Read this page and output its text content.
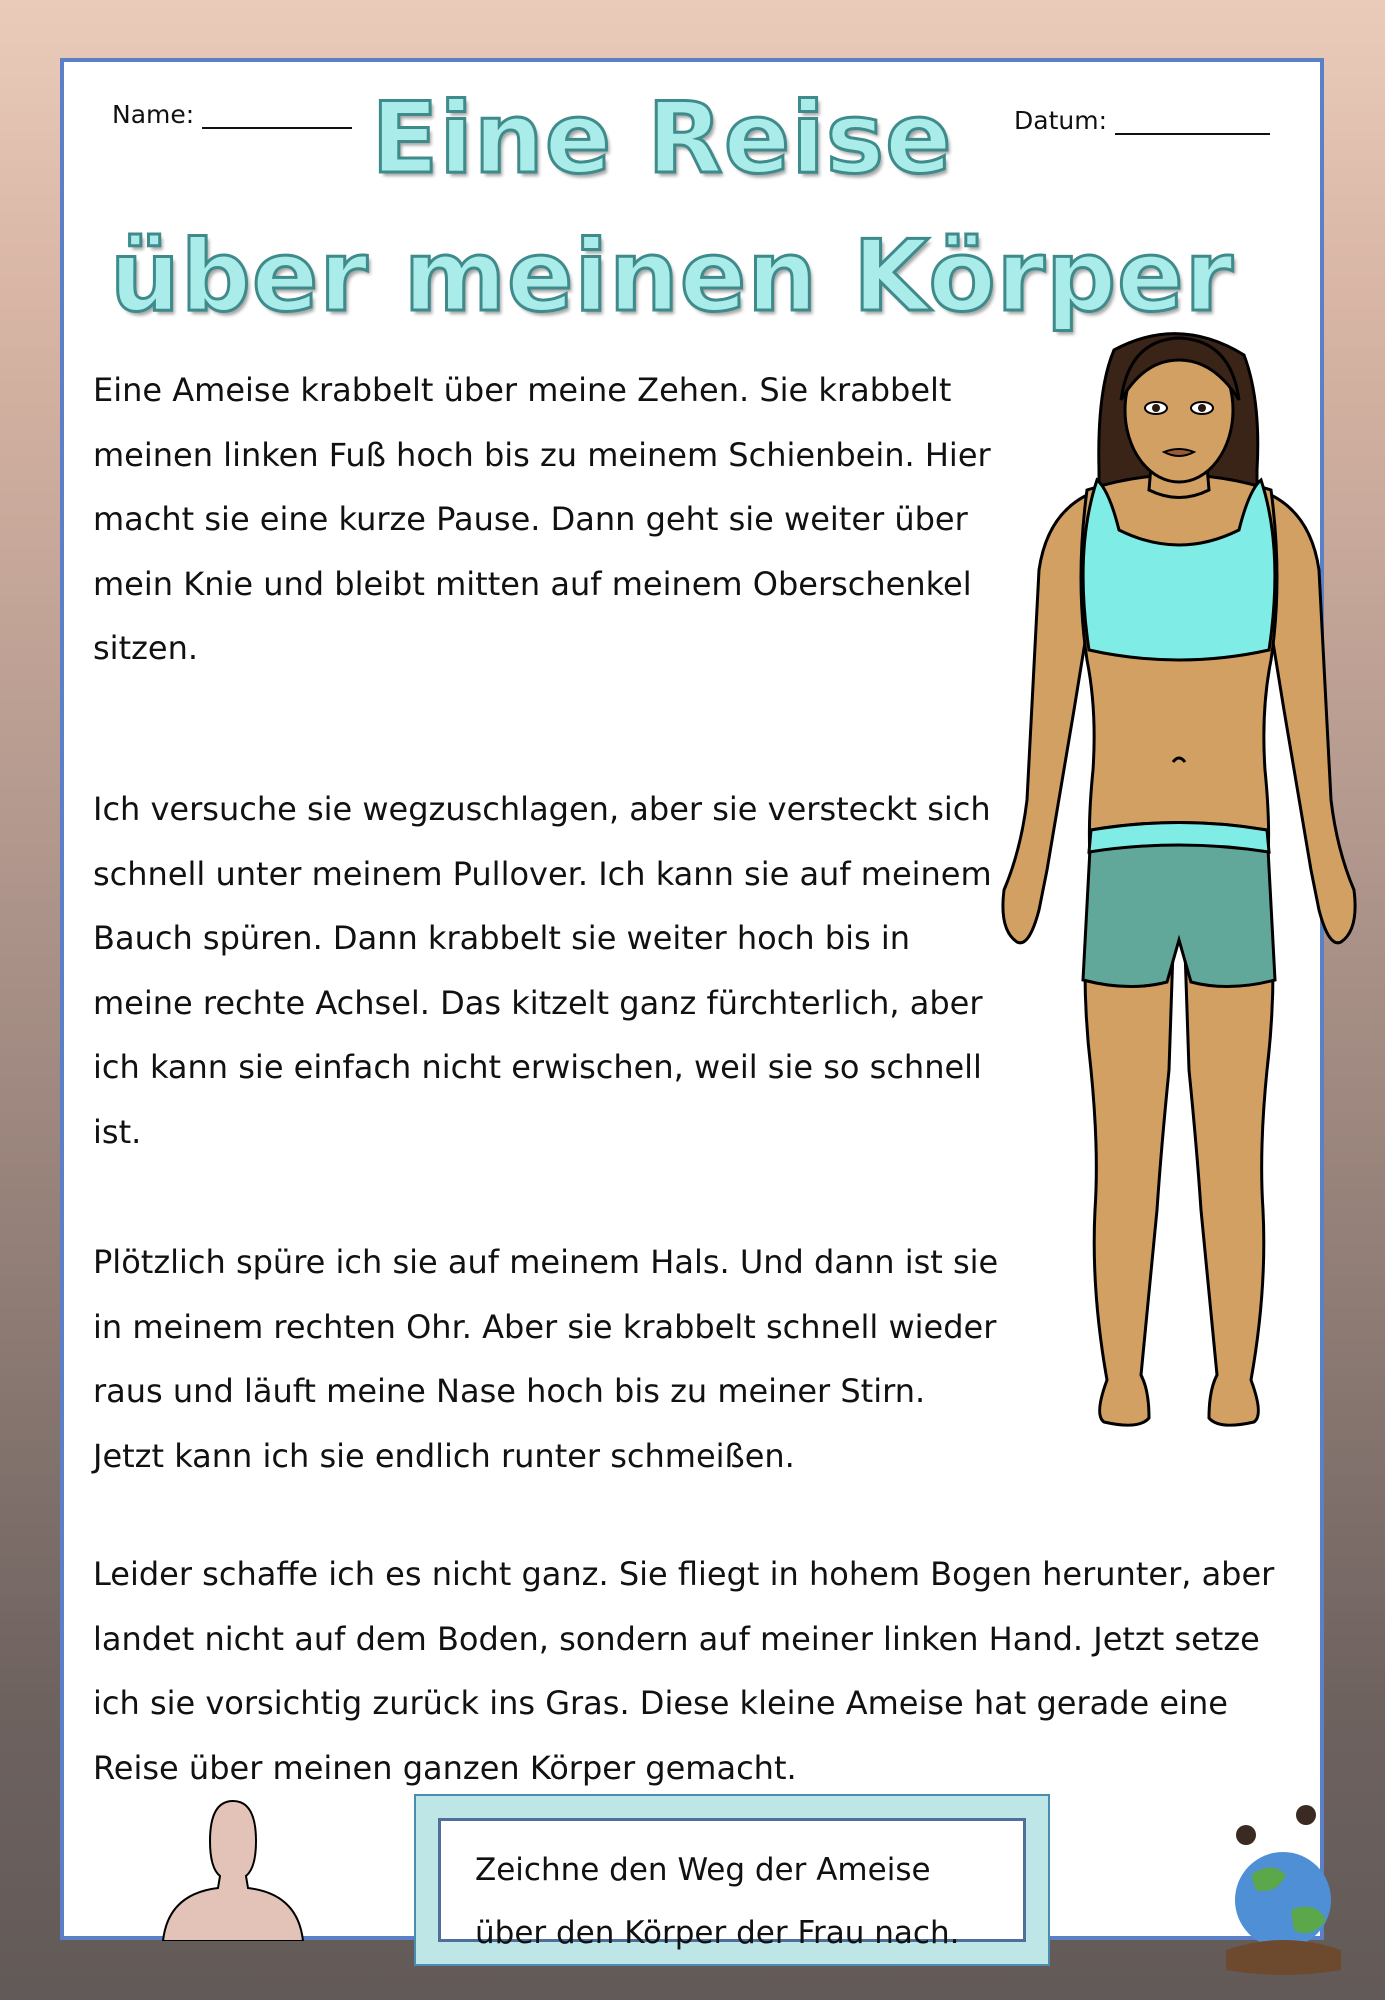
Name:	Datum:
Eine Reise
über meinen Körper

Eine Ameise krabbelt über meine Zehen. Sie krabbelt meinen linken Fuß hoch bis zu meinem Schienbein. Hier macht sie eine kurze Pause. Dann geht sie weiter über mein Knie und bleibt mitten auf meinem Oberschenkel sitzen.

Ich versuche sie wegzuschlagen, aber sie versteckt sich schnell unter meinem Pullover. Ich kann sie auf meinem Bauch spüren. Dann krabbelt sie weiter hoch bis in meine rechte Achsel. Das kitzelt ganz fürchterlich, aber ich kann sie einfach nicht erwischen, weil sie so schnell ist.

Plötzlich spüre ich sie auf meinem Hals. Und dann ist sie in meinem rechten Ohr. Aber sie krabbelt schnell wieder raus und läuft meine Nase hoch bis zu meiner Stirn. Jetzt kann ich sie endlich runter schmeißen.

Leider schaffe ich es nicht ganz. Sie fliegt in hohem Bogen herunter, aber landet nicht auf dem Boden, sondern auf meiner linken Hand. Jetzt setze ich sie vorsichtig zurück ins Gras. Diese kleine Ameise hat gerade eine Reise über meinen ganzen Körper gemacht.

Zeichne den Weg der Ameise
über den Körper der Frau nach.
